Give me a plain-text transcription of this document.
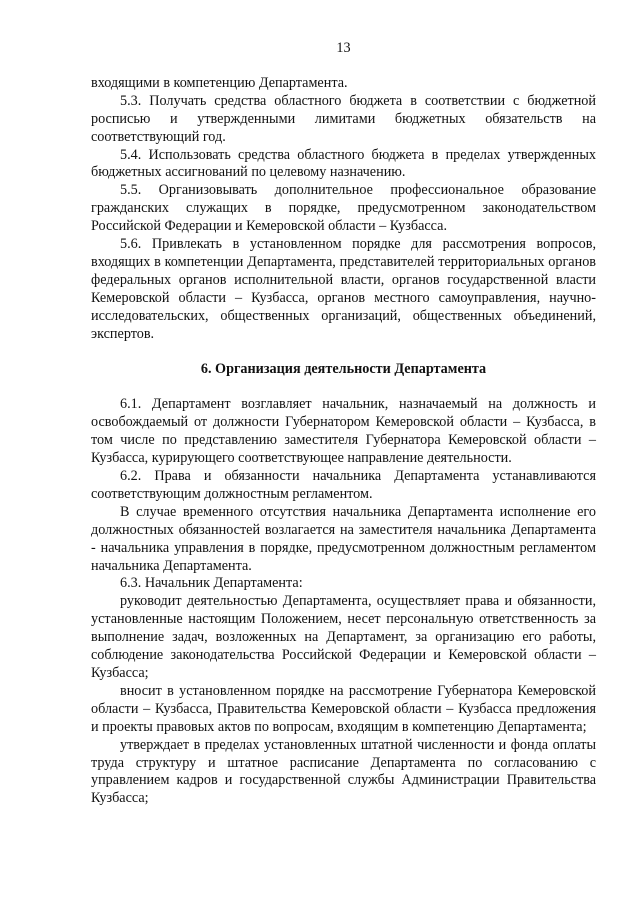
13

входящими в компетенцию Департамента.

5.3. Получать средства областного бюджета в соответствии с бюджетной росписью и утвержденными лимитами бюджетных обязательств на соответствующий год.

5.4. Использовать средства областного бюджета в пределах утвержденных бюджетных ассигнований по целевому назначению.

5.5. Организовывать дополнительное профессиональное образование гражданских служащих в порядке, предусмотренном законодательством Российской Федерации и Кемеровской области – Кузбасса.

5.6. Привлекать в установленном порядке для рассмотрения вопросов, входящих в компетенции Департамента, представителей территориальных органов федеральных органов исполнительной власти, органов государственной власти Кемеровской области – Кузбасса, органов местного самоуправления, научно-исследовательских, общественных организаций, общественных объединений, экспертов.

6. Организация деятельности Департамента

6.1. Департамент возглавляет начальник, назначаемый на должность и освобождаемый от должности Губернатором Кемеровской области – Кузбасса, в том числе по представлению заместителя Губернатора Кемеровской области – Кузбасса, курирующего соответствующее направление деятельности.

6.2. Права и обязанности начальника Департамента устанавливаются соответствующим должностным регламентом.

В случае временного отсутствия начальника Департамента исполнение его должностных обязанностей возлагается на заместителя начальника Департамента - начальника управления в порядке, предусмотренном должностным регламентом начальника Департамента.

6.3. Начальник Департамента:

руководит деятельностью Департамента, осуществляет права и обязанности, установленные настоящим Положением, несет персональную ответственность за выполнение задач, возложенных на Департамент, за организацию его работы, соблюдение законодательства Российской Федерации и Кемеровской области – Кузбасса;

вносит в установленном порядке на рассмотрение Губернатора Кемеровской области – Кузбасса, Правительства Кемеровской области – Кузбасса предложения и проекты правовых актов по вопросам, входящим в компетенцию Департамента;

утверждает в пределах установленных штатной численности и фонда оплаты труда структуру и штатное расписание Департамента по согласованию с управлением кадров и государственной службы Администрации Правительства Кузбасса;
